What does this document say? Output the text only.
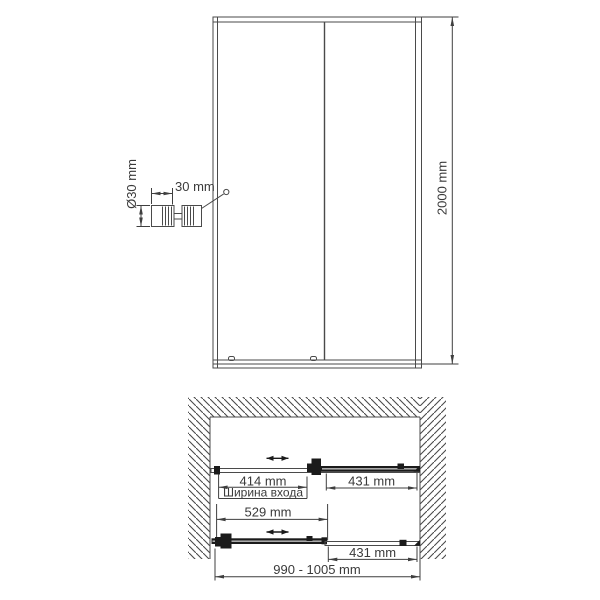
2000 mm
Ø30 mm	30 mm
414 mm
Ширина входа
431 mm
529 mm
431 mm
990 - 1005 mm
